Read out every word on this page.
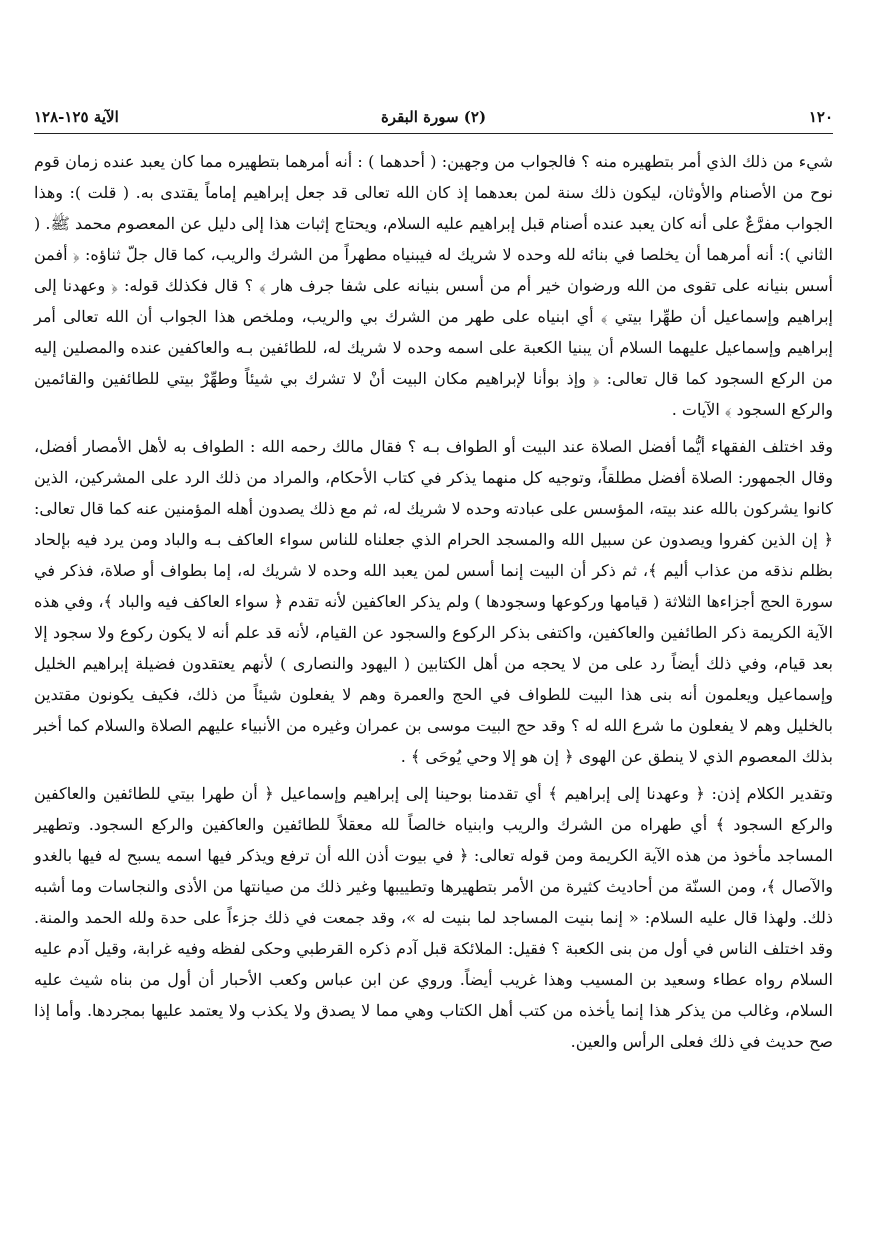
الآية ١٢٥-١٢٨	(٢) سورة البقرة	١٢٠

شيء من ذلك الذي أمر بتطهيره منه ؟ فالجواب من وجهين: ( أحدهما ) : أنه أمرهما بتطهيره مما كان يعبد عنده زمان قوم نوح من الأصنام والأوثان، ليكون ذلك سنة لمن بعدهما إذ كان الله تعالى قد جعل إبراهيم إماماً يقتدى به. ( قلت ): وهذا الجواب مفرَّعٌ على أنه كان يعبد عنده أصنام قبل إبراهيم عليه السلام، ويحتاج إثبات هذا إلى دليل عن المعصوم محمد ﷺ. ( الثاني ): أنه أمرهما أن يخلصا في بنائه لله وحده لا شريك له فيبنياه مطهراً من الشرك والريب، كما قال جلّ ثناؤه: ﴿ أفمن أسس بنيانه على تقوى من الله ورضوان خير أم من أسس بنيانه على شفا جرف هار ﴾ ؟ قال فكذلك قوله: ﴿ وعهدنا إلى إبراهيم وإسماعيل أن طهِّرا بيتي ﴾ أي ابنياه على طهر من الشرك بي والريب، وملخص هذا الجواب أن الله تعالى أمر إبراهيم وإسماعيل عليهما السلام أن يبنيا الكعبة على اسمه وحده لا شريك له، للطائفين بـه والعاكفين عنده والمصلين إليه من الركع السجود كما قال تعالى: ﴿ وإذ بوأنا لإبراهيم مكان البيت أنْ لا تشرك بي شيئاً وطهِّرْ بيتي للطائفين والقائمين والركع السجود ﴾ الآيات .

وقد اختلف الفقهاء أيُّما أفضل الصلاة عند البيت أو الطواف بـه ؟ فقال مالك رحمه الله : الطواف به لأهل الأمصار أفضل، وقال الجمهور: الصلاة أفضل مطلقاً، وتوجيه كل منهما يذكر في كتاب الأحكام، والمراد من ذلك الرد على المشركين، الذين كانوا يشركون بالله عند بيته، المؤسس على عبادته وحده لا شريك له، ثم مع ذلك يصدون أهله المؤمنين عنه كما قال تعالى: ﴿ إن الذين كفروا ويصدون عن سبيل الله والمسجد الحرام الذي جعلناه للناس سواء العاكف بـه والباد ومن يرد فيه بإلحاد بظلم نذقه من عذاب أليم ﴾، ثم ذكر أن البيت إنما أسس لمن يعبد الله وحده لا شريك له، إما بطواف أو صلاة، فذكر في سورة الحج أجزاءها الثلاثة ( قيامها وركوعها وسجودها ) ولم يذكر العاكفين لأنه تقدم ﴿ سواء العاكف فيه والباد ﴾، وفي هذه الآية الكريمة ذكر الطائفين والعاكفين، واكتفى بذكر الركوع والسجود عن القيام، لأنه قد علم أنه لا يكون ركوع ولا سجود إلا بعد قيام، وفي ذلك أيضاً رد على من لا يحجه من أهل الكتابين ( اليهود والنصارى ) لأنهم يعتقدون فضيلة إبراهيم الخليل وإسماعيل ويعلمون أنه بنى هذا البيت للطواف في الحج والعمرة وهم لا يفعلون شيئاً من ذلك، فكيف يكونون مقتدين بالخليل وهم لا يفعلون ما شرع الله له ؟ وقد حج البيت موسى بن عمران وغيره من الأنبياء عليهم الصلاة والسلام كما أخبر بذلك المعصوم الذي لا ينطق عن الهوى ﴿ إن هو إلا وحي يُوحَى ﴾ .

وتقدير الكلام إذن: ﴿ وعهدنا إلى إبراهيم ﴾ أي تقدمنا بوحينا إلى إبراهيم وإسماعيل ﴿ أن طهرا بيتي للطائفين والعاكفين والركع السجود ﴾ أي طهراه من الشرك والريب وابنياه خالصاً لله معقلاً للطائفين والعاكفين والركع السجود. وتطهير المساجد مأخوذ من هذه الآية الكريمة ومن قوله تعالى: ﴿ في بيوت أذن الله أن ترفع ويذكر فيها اسمه يسبح له فيها بالغدو والآصال ﴾، ومن السنّة من أحاديث كثيرة من الأمر بتطهيرها وتطييبها وغير ذلك من صيانتها من الأذى والنجاسات وما أشبه ذلك. ولهذا قال عليه السلام: « إنما بنيت المساجد لما بنيت له »، وقد جمعت في ذلك جزءاً على حدة ولله الحمد والمنة. وقد اختلف الناس في أول من بنى الكعبة ؟ فقيل: الملائكة قبل آدم ذكره القرطبي وحكى لفظه وفيه غرابة، وقيل آدم عليه السلام رواه عطاء وسعيد بن المسيب وهذا غريب أيضاً. وروي عن ابن عباس وكعب الأحبار أن أول من بناه شيث عليه السلام، وغالب من يذكر هذا إنما يأخذه من كتب أهل الكتاب وهي مما لا يصدق ولا يكذب ولا يعتمد عليها بمجردها. وأما إذا صح حديث في ذلك فعلى الرأس والعين.
